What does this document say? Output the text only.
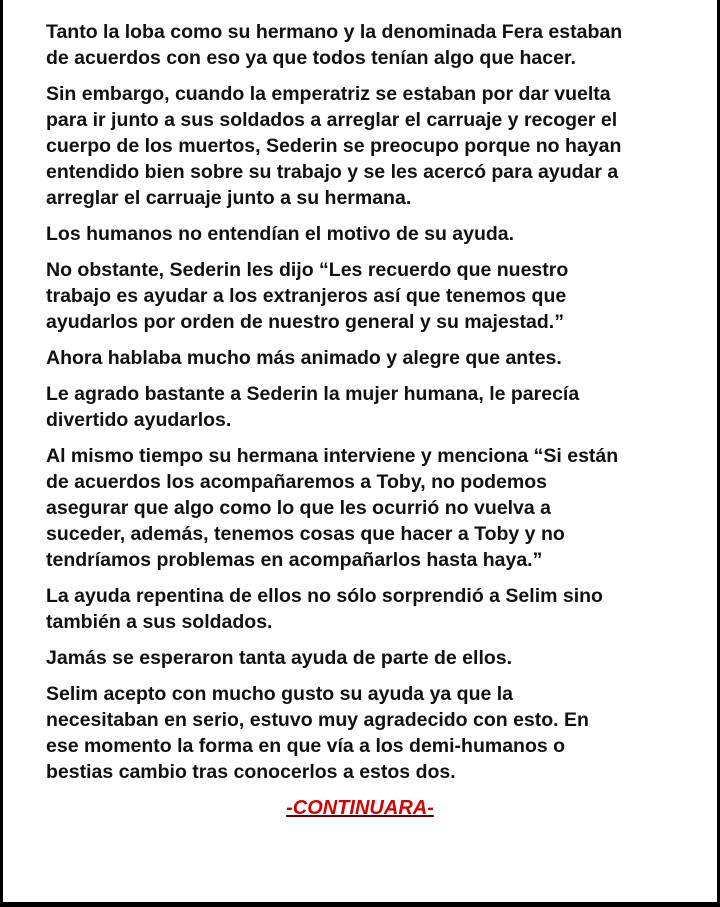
Tanto la loba como su hermano y la denominada Fera estaban
de acuerdos con eso ya que todos tenían algo que hacer.

Sin embargo, cuando la emperatriz se estaban por dar vuelta
para ir junto a sus soldados a arreglar el carruaje y recoger el
cuerpo de los muertos, Sederin se preocupo porque no hayan
entendido bien sobre su trabajo y se les acercó para ayudar a
arreglar el carruaje junto a su hermana.

Los humanos no entendían el motivo de su ayuda.

No obstante, Sederin les dijo “Les recuerdo que nuestro
trabajo es ayudar a los extranjeros así que tenemos que
ayudarlos por orden de nuestro general y su majestad.”

Ahora hablaba mucho más animado y alegre que antes.

Le agrado bastante a Sederin la mujer humana, le parecía
divertido ayudarlos.

Al mismo tiempo su hermana interviene y menciona “Si están
de acuerdos los acompañaremos a Toby, no podemos
asegurar que algo como lo que les ocurrió no vuelva a
suceder, además, tenemos cosas que hacer a Toby y no
tendríamos problemas en acompañarlos hasta haya.”

La ayuda repentina de ellos no sólo sorprendió a Selim sino
también a sus soldados.

Jamás se esperaron tanta ayuda de parte de ellos.

Selim acepto con mucho gusto su ayuda ya que la
necesitaban en serio, estuvo muy agradecido con esto. En
ese momento la forma en que vía a los demi-humanos o
bestias cambio tras conocerlos a estos dos.

-CONTINUARA-
